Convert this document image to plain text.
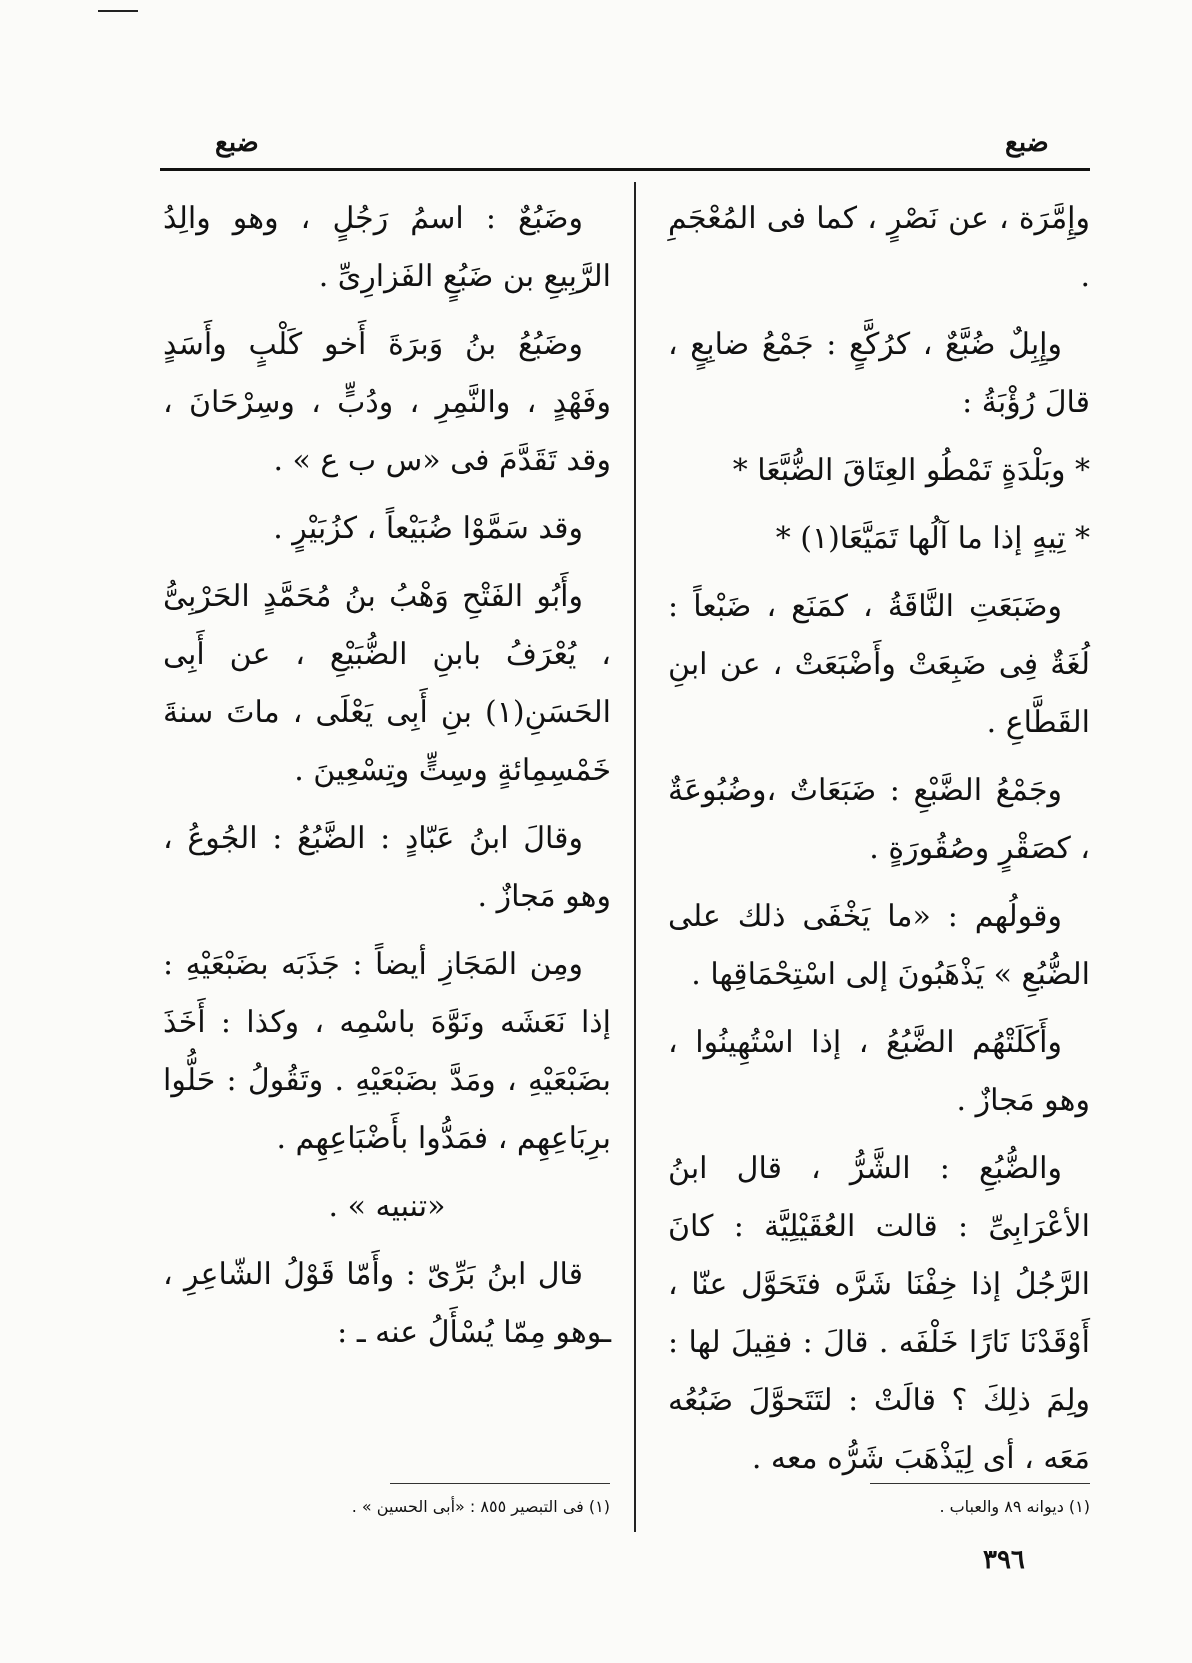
ضبع
ضبع

وإِمَّرَة ، عن نَصْرٍ ، كما فى المُعْجَمِ .

وإِبِلٌ ضُبَّعٌ ، كرُكَّعٍ : جَمْعُ ضابِعٍ ، قالَ رُؤْبَةُ :

* وبَلْدَةٍ تَمْطُو العِتَاقَ الضُّبَّعَا *

* تِيهٍ إذا ما آلُها تَمَيَّعَا(١) *

وضَبَعَتِ النَّاقَةُ ، كمَنَع ، ضَبْعاً : لُغَةٌ فِى ضَبِعَتْ وأَضْبَعَتْ ، عن ابنِ القَطَّاعِ .

وجَمْعُ الضَّبْعِ : ضَبَعَاتٌ ،وضُبُوعَةٌ ، كصَقْرٍ وصُقُورَةٍ .

وقولُهم : «ما يَخْفَى ذلك على الضُّبُعِ » يَذْهَبُونَ إلى اسْتِحْمَاقِها .

وأَكَلَتْهُم الضَّبُعُ ، إذا اسْتُهِينُوا ، وهو مَجازٌ .

والضُّبُعِ : الشَّرُّ ، قال ابنُ الأعْرَابِىِّ : قالت العُقَيْلِيَّة : كانَ الرَّجُلُ إذا خِفْنَا شَرَّه فتَحَوَّل عنّا ، أَوْقَدْنَا نَارًا خَلْفَه . قالَ : فقِيلَ لها : ولِمَ ذلِكَ ؟ قالَتْ : لتَتَحوَّلَ ضَبُعُه مَعَه ، أى لِيَذْهَبَ شَرُّه معه .

وضَبُعٌ : اسمُ رَجُلٍ ، وهو والِدُ الرَّبِيعِ بن ضَبُعٍ الفَزارِىِّ .

وضَبُعُ بنُ وَبرَةَ أَخو كَلْبٍ وأَسَدٍ وفَهْدٍ ، والنَّمِرِ ، ودُبٍّ ، وسِرْحَانَ ، وقد تَقَدَّمَ فى «س ب ع » .

وقد سَمَّوْا ضُبَيْعاً ، كزُبَيْرٍ .

وأَبُو الفَتْحِ وَهْبُ بنُ مُحَمَّدٍ الحَرْبِىُّ ، يُعْرَفُ بابنِ الضُّبَيْعِ ، عن أَبِى الحَسَنِ(١) بنِ أَبِى يَعْلَى ، ماتَ سنةَ خَمْسِمِائةٍ وسِتٍّ وتِسْعِينَ .

وقالَ ابنُ عَبّادٍ : الضَّبُعُ : الجُوعُ ، وهو مَجازٌ .

ومِن المَجَازِ أيضاً : جَذَبَه بضَبْعَيْهِ : إذا نَعَشَه ونَوَّهَ باسْمِه ، وكذا : أَخَذَ بضَبْعَيْهِ ، ومَدَّ بضَبْعَيْهِ . وتَقُولُ : حَلُّوا برِبَاعِهِم ، فمَدُّوا بأَضْبَاعِهِم .

«تنبيه » .

قال ابنُ بَرِّىّ : وأَمّا قَوْلُ الشّاعِرِ ، ـوهو مِمّا يُسْأَلُ عنه ـ :

(١) ديوانه ٨٩ والعباب .
(١) فى التبصير ٨٥٥ : «أبى الحسين » .
٣٩٦
